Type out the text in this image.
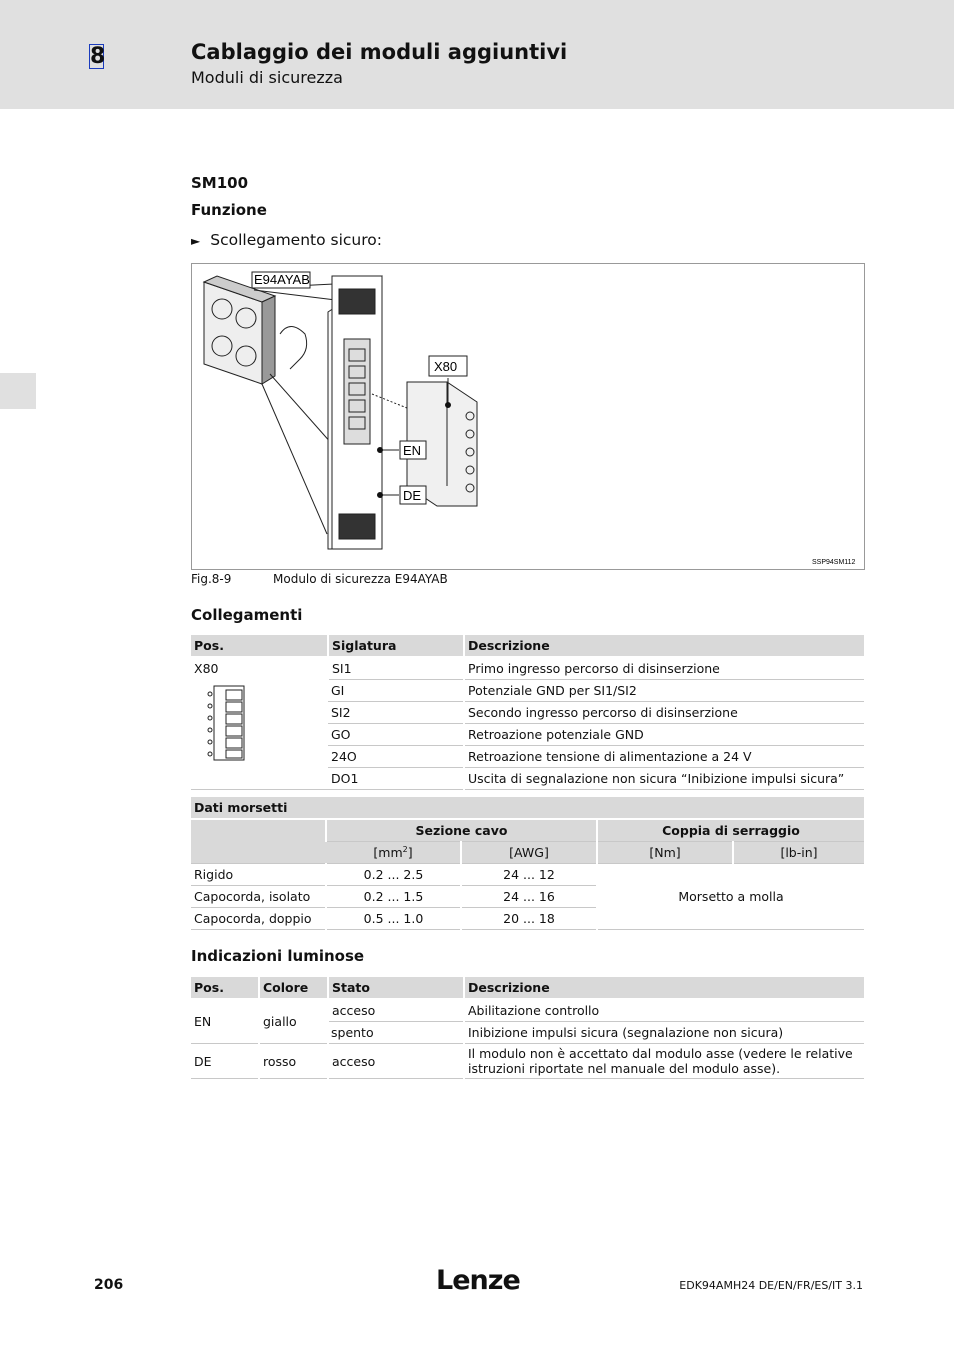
8	Cablaggio dei moduli aggiuntivi
Moduli di sicurezza
SM100
Funzione
► Scollegamento sicuro:
E94AYAB
X80
EN
DE
SSP94SM112
Fig.8-9	Modulo di sicurezza E94AYAB
Collegamenti
Pos.	Siglatura	Descrizione

X80	SI1	Primo ingresso percorso di disinserzione
	GI	Potenziale GND per SI1/SI2
	SI2	Secondo ingresso percorso di disinserzione
	GO	Retroazione potenziale GND
	24O	Retroazione tensione di alimentazione a 24 V
	DO1	Uscita di segnalazione non sicura “Inibizione impulsi sicura”
Dati morsetti				
	Sezione cavo		Coppia di serraggio	
	$[mm^2]$	[AWG]	[Nm]	[lb-in]
Rigido	0.2 ... 2.5	24 ... 12	Morsetto a molla	
Capocorda, isolato	0.2 ... 1.5	24 ... 16		
Capocorda, doppio	0.5 ... 1.0	20 ... 18		
Indicazioni luminose
Pos.	Colore	Stato	Descrizione
EN	giallo	acceso	Abilitazione controllo
		spento	Inibizione impulsi sicura (segnalazione non sicura)
DE	rosso	acceso	Il modulo non è accettato dal modulo asse (vedere le relative istruzioni riportate nel manuale del modulo asse).
206	Lenze	EDK94AMH24 DE/EN/FR/ES/IT 3.1
